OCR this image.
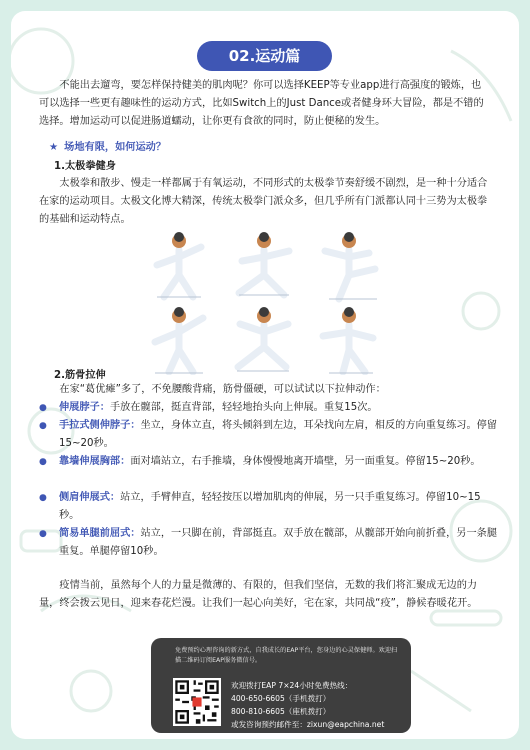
02.运动篇
不能出去遛弯，要怎样保持健美的肌肉呢？你可以选择KEEP等专业app进行高强度的锻炼，也可以选择一些更有趣味性的运动方式，比如Switch上的Just Dance或者健身环大冒险，都是不错的选择。增加运动可以促进肠道蠕动，让你更有食欲的同时，防止便秘的发生。
★ 场地有限，如何运动？
1.太极拳健身
太极拳和散步、慢走一样都属于有氧运动，不同形式的太极拳节奏舒缓不剧烈，是一种十分适合在家的运动项目。太极文化博大精深，传统太极拳门派众多，但几乎所有门派都认同十三势为太极拳的基础和运动特点。
2.筋骨拉伸
在家“葛优瘫”多了，不免腰酸背痛，筋骨僵硬，可以试试以下拉伸动作：
● 伸展脖子：手放在髋部，挺直背部，轻轻地抬头向上伸展。重复15次。
● 手拉式侧伸脖子：坐立，身体立直，将头倾斜到左边，耳朵找向左肩，相反的方向重复练习。停留15~20秒。
● 靠墙伸展胸部：面对墙站立，右手推墙，身体慢慢地离开墙壁，另一面重复。停留15~20秒。
● 侧肩伸展式：站立，手臂伸直，轻轻按压以增加肌肉的伸展，另一只手重复练习。停留10~15秒。
● 简易单腿前屈式：站立，一只脚在前，背部挺直。双手放在髋部，从髋部开始向前折叠，另一条腿重复。单腿停留10秒。
疫情当前，虽然每个人的力量是微薄的、有限的，但我们坚信，无数的我们将汇聚成无边的力量，终会拨云见日，迎来春花烂漫。让我们一起心向美好，宅在家，共同战“疫”，静候春暖花开。
免费预约心理咨询的新方式，自我成长的EAP平台，您身边的心灵保健师。欢迎扫描二维码订阅EAP服务微信号。
欢迎拨打EAP 7×24小时免费热线：
400-650-6605（手机拨打）
800-810-6605（座机拨打）
或发咨询预约邮件至：zixun@eapchina.net
